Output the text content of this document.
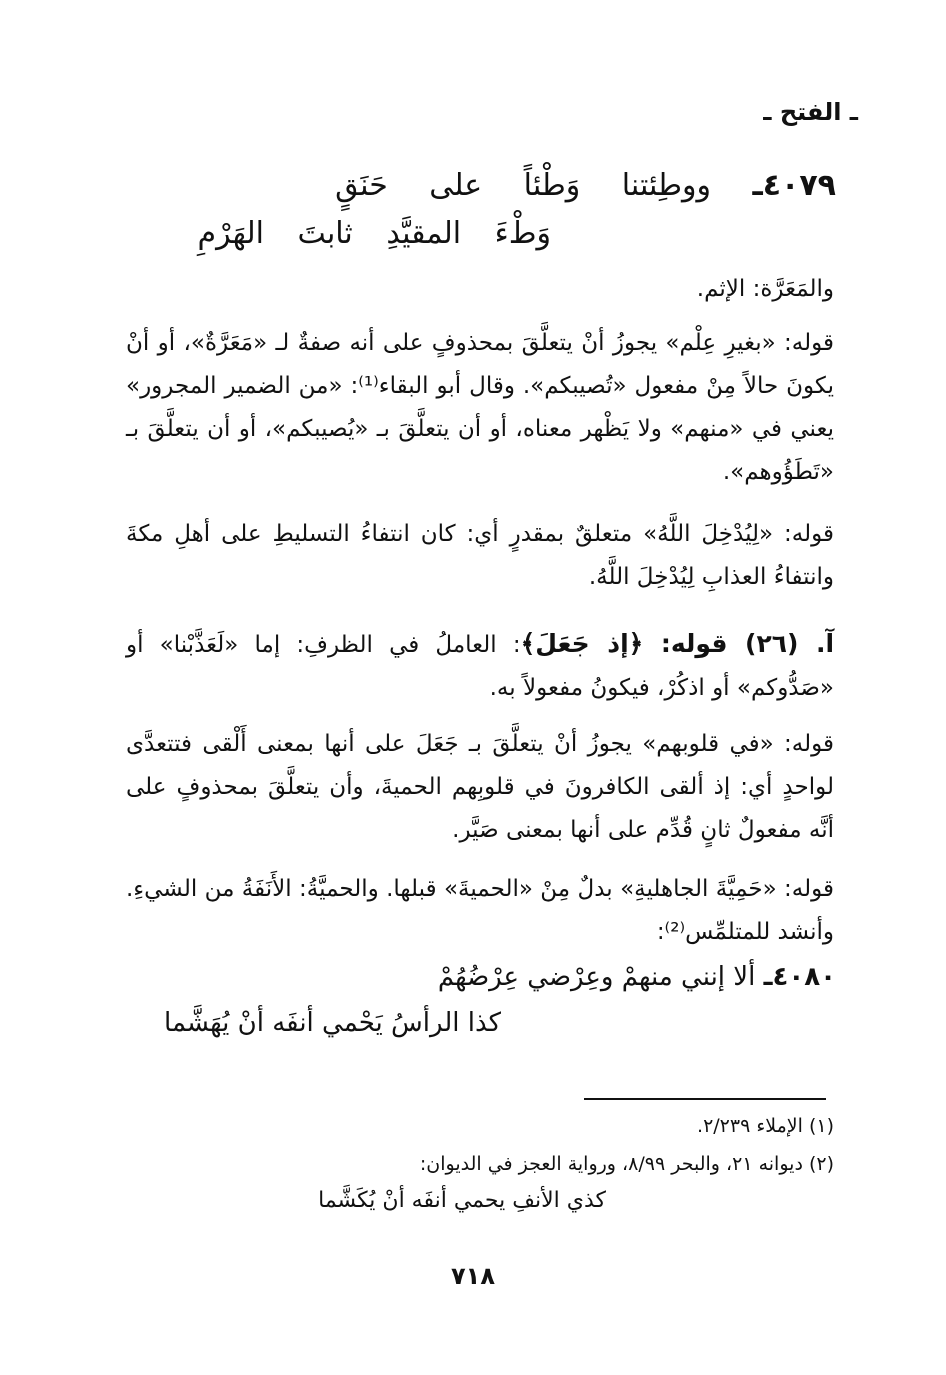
ـ الفتح ـ
٤٠٧٩ـ ووطِئتنا وَطْئاً على حَنَقٍ
وَطْءَ المقيَّدِ ثابتَ الهَرْمِ
والمَعَرَّة: الإثم.
قوله: «بغيرِ عِلْم» يجوزُ أنْ يتعلَّقَ بمحذوفٍ على أنه صفةٌ لـ «مَعَرَّةٌ»، أو أنْ يكونَ حالاً مِنْ مفعول «تُصيبكم». وقال أبو البقاء⁽¹⁾: «من الضمير المجرور» يعني في «منهم» ولا يَظْهر معناه، أو أن يتعلَّقَ بـ «يُصيبكم»، أو أن يتعلَّقَ بـ «تَطَؤُوهم».
قوله: «لِيُدْخِلَ اللَّهُ» متعلقٌ بمقدرٍ أي: كان انتفاءُ التسليطِ على أهلِ مكةَ وانتفاءُ العذابِ لِيُدْخِلَ اللَّهُ.
آ. (٢٦) قوله: ﴿إذ جَعَلَ﴾: العاملُ في الظرفِ: إما «لَعَذَّبْنا» أو «صَدُّوكم» أو اذكُرْ، فيكونُ مفعولاً به.
قوله: «في قلوبهم» يجوزُ أنْ يتعلَّقَ بـ جَعَلَ على أنها بمعنى أَلْقى فتتعدَّى لواحدٍ أي: إذ ألقى الكافرونَ في قلوبِهم الحميةَ، وأن يتعلَّقَ بمحذوفٍ على أنَّه مفعولٌ ثانٍ قُدِّم على أنها بمعنى صَيَّر.
قوله: «حَمِيَّةَ الجاهليةِ» بدلٌ مِنْ «الحميةَ» قبلها. والحميَّةُ: الأَنَفَةُ من الشيءِ. وأنشد للمتلمِّس⁽²⁾:
٤٠٨٠ـ ألا إنني منهمْ وعِرْضي عِرْضُهُمْ
كذا الرأسُ يَحْمي أنفَه أنْ يُهَشَّما
(١) الإملاء ٢/٢٣٩.
(٢) ديوانه ٢١، والبحر ٨/٩٩، ورواية العجز في الديوان:
كذي الأنفِ يحمي أنفَه أنْ يُكَشَّما
٧١٨
